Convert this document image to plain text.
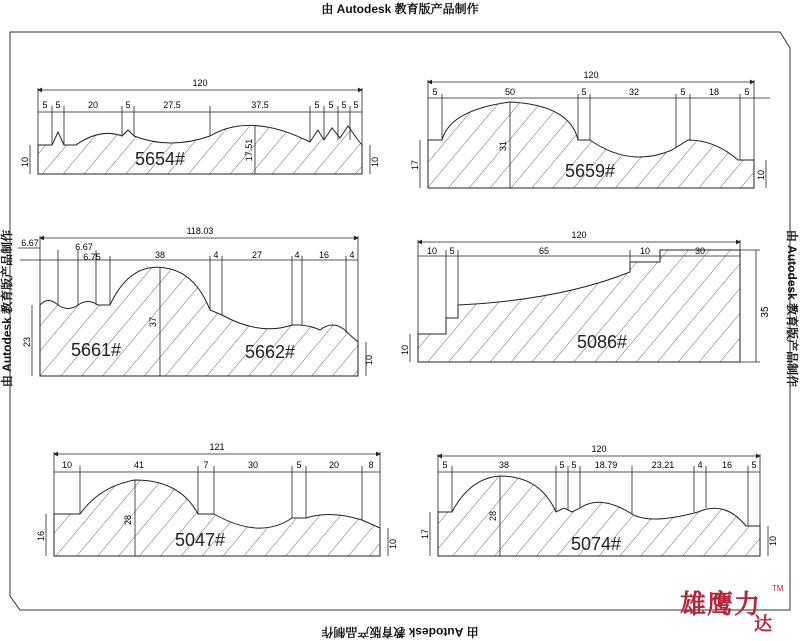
由 Autodesk 教育版产品制作
由 Autodesk 教育版产品制作
由 Autodesk 教育版产品制作	由 Autodesk 教育版产品制作
120
5 5	20	5	27.5	37.5	5 5 5 5
10	10
17.51
5654#
120
5	50	5	32	5	18	5
17
10
31
5659#
118.03
6.67	6.67
6.75	38	4	27	4 16 4
23
10
37
5661#	5662#
120
10 5	65	10	30
10
35
5086#
121
10	41	7	30	5	20	8
16
10
28
5047#
120
5	38	5 5 18.79	23.21	4 16 5
17
10
28
5074#
雄鹰力
TM
达
